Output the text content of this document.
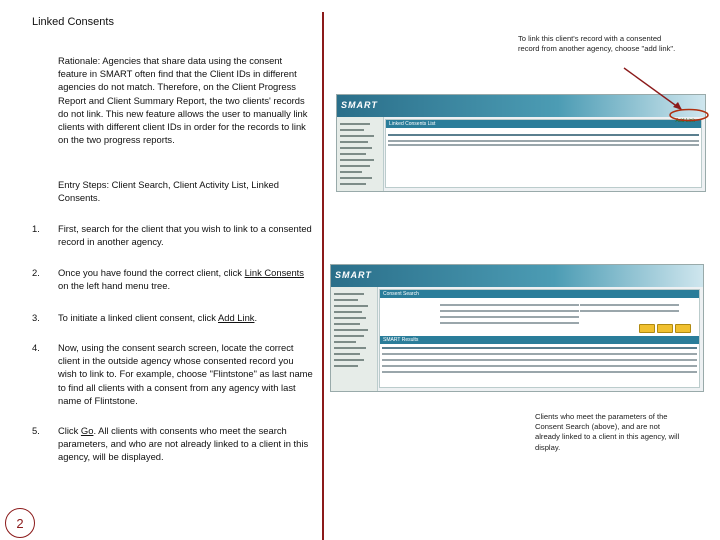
Linked Consents
Rationale: Agencies that share data using the consent feature in SMART often find that the Client IDs in different agencies do not match. Therefore, on the Client Progress Report and Client Summary Report, the two clients' records do not link. This new feature allows the user to manually link clients with different client IDs in order for the records to link on the two progress reports.
Entry Steps: Client Search, Client Activity List, Linked Consents.
1.	First, search for the client that you wish to link to a consented record in another agency.
2.	Once you have found the correct client, click Link Consents on the left hand menu tree.
3.	To initiate a linked client consent, click Add Link.
4.	Now, using the consent search screen, locate the correct client in the outside agency whose consented record you wish to link to. For example, choose "Flintstone" as last name to find all clients with a consent from any agency with last name of Flintstone.
5.	Click Go. All clients with consents who meet the search parameters, and who are not already linked to a client in this agency, will be displayed.
2
To link this client's record with a consented record from another agency, choose "add link".
Clients who meet the parameters of the Consent Search (above), and are not already linked to a client in this agency, will display.
SMART
Linked Consents List	Add Link
SMART
Consent Search
SMART Results
